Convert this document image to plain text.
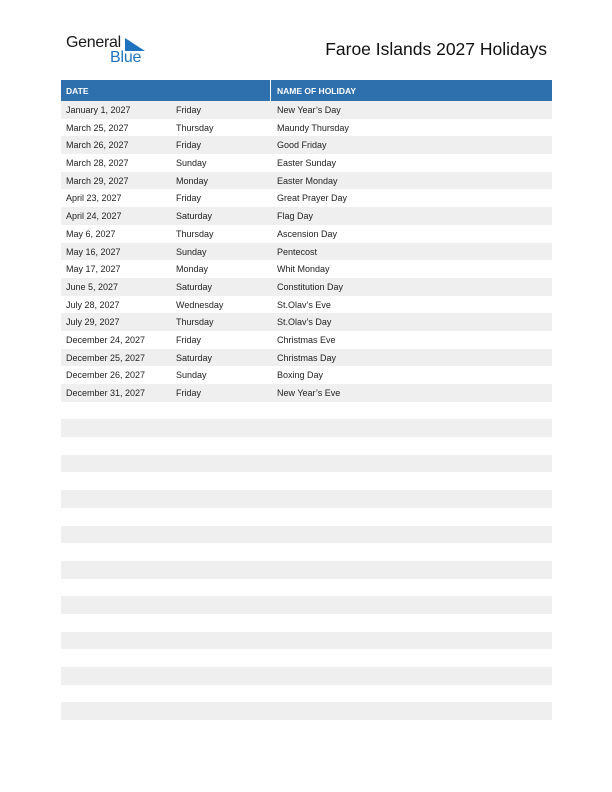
General
Blue	Faroe Islands 2027 Holidays
DATE	NAME OF HOLIDAY
January 1, 2027	Friday	New Year’s Day
March 25, 2027	Thursday	Maundy Thursday
March 26, 2027	Friday	Good Friday
March 28, 2027	Sunday	Easter Sunday
March 29, 2027	Monday	Easter Monday
April 23, 2027	Friday	Great Prayer Day
April 24, 2027	Saturday	Flag Day
May 6, 2027	Thursday	Ascension Day
May 16, 2027	Sunday	Pentecost
May 17, 2027	Monday	Whit Monday
June 5, 2027	Saturday	Constitution Day
July 28, 2027	Wednesday	St.Olav’s Eve
July 29, 2027	Thursday	St.Olav’s Day
December 24, 2027	Friday	Christmas Eve
December 25, 2027	Saturday	Christmas Day
December 26, 2027	Sunday	Boxing Day
December 31, 2027	Friday	New Year’s Eve
